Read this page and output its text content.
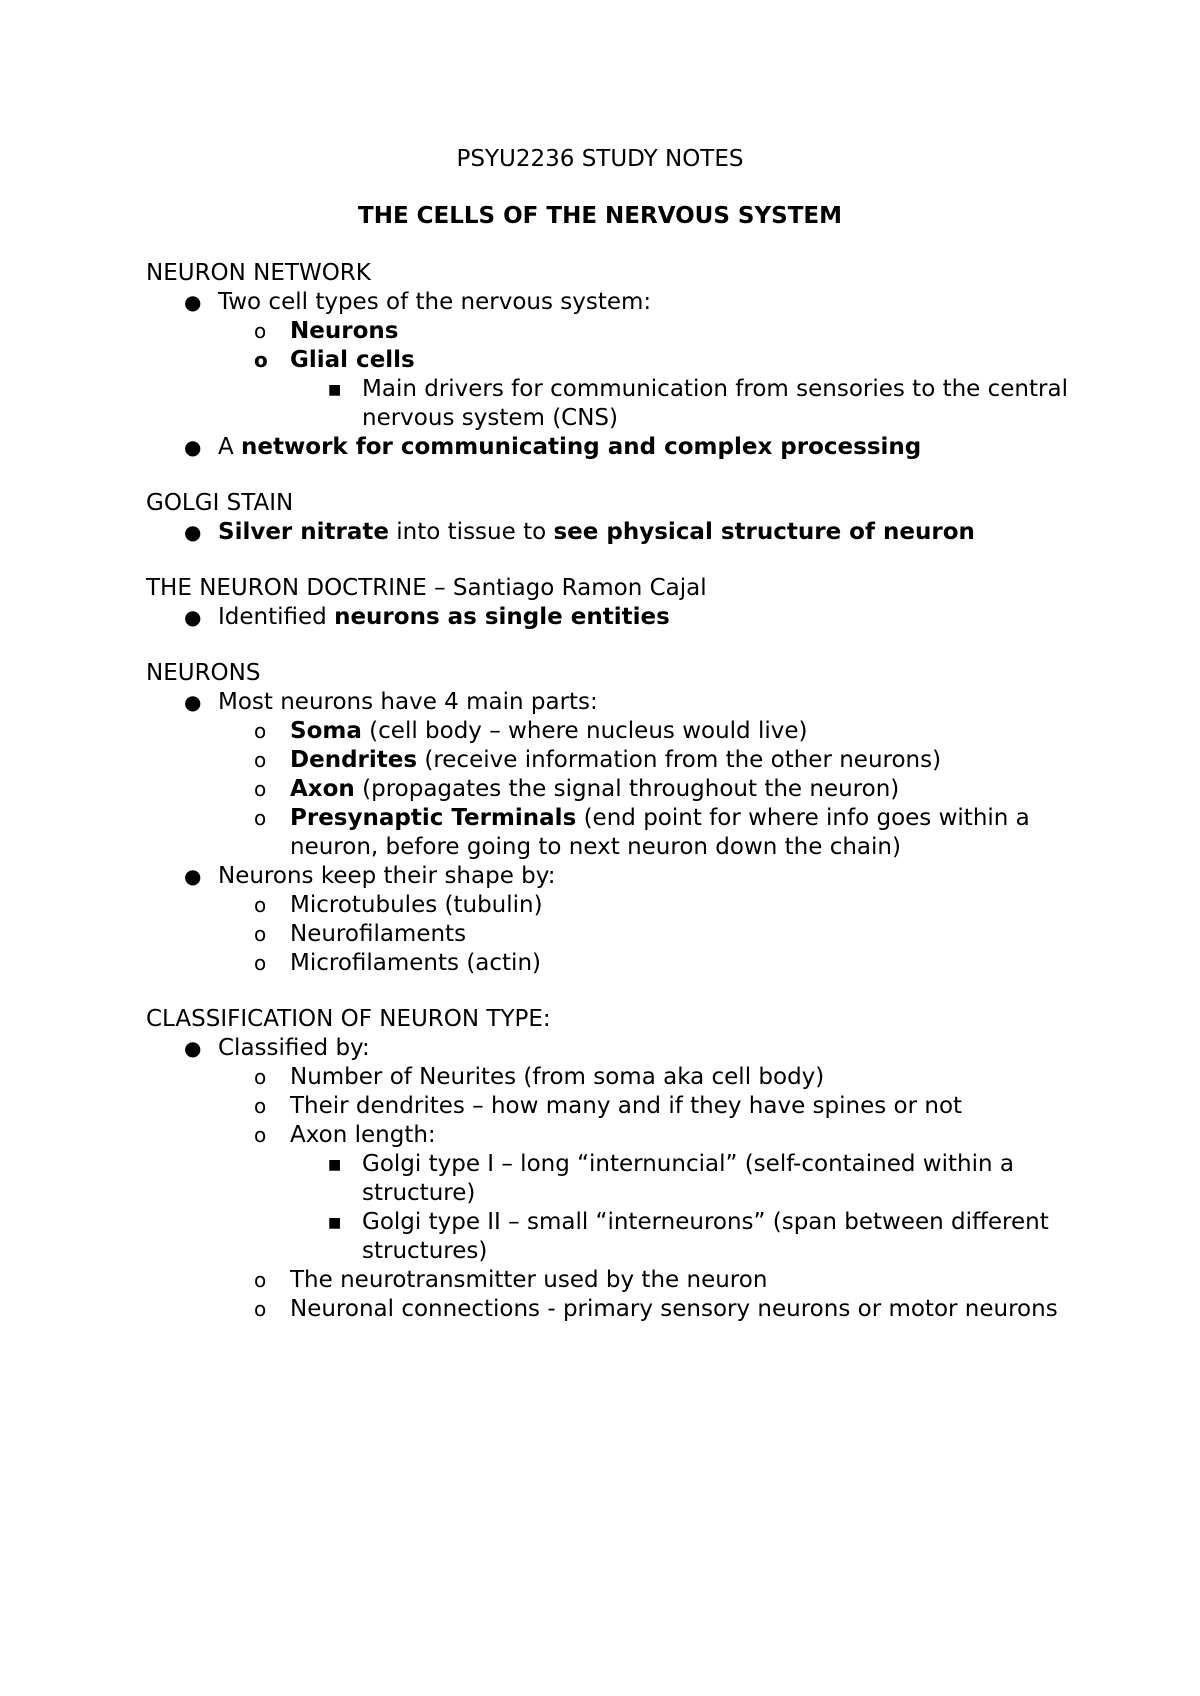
PSYU2236 STUDY NOTES
THE CELLS OF THE NERVOUS SYSTEM
NEURON NETWORK
● Two cell types of the nervous system:
o Neurons
o Glial cells
■ Main drivers for communication from sensories to the central nervous system (CNS)
● A network for communicating and complex processing
GOLGI STAIN
● Silver nitrate into tissue to see physical structure of neuron
THE NEURON DOCTRINE – Santiago Ramon Cajal
● Identified neurons as single entities
NEURONS
● Most neurons have 4 main parts:
o Soma (cell body – where nucleus would live)
o Dendrites (receive information from the other neurons)
o Axon (propagates the signal throughout the neuron)
o Presynaptic Terminals (end point for where info goes within a neuron, before going to next neuron down the chain)
● Neurons keep their shape by:
o Microtubules (tubulin)
o Neurofilaments
o Microfilaments (actin)
CLASSIFICATION OF NEURON TYPE:
● Classified by:
o Number of Neurites (from soma aka cell body)
o Their dendrites – how many and if they have spines or not
o Axon length:
■ Golgi type I – long “internuncial” (self-contained within a structure)
■ Golgi type II – small “interneurons” (span between different structures)
o The neurotransmitter used by the neuron
o Neuronal connections - primary sensory neurons or motor neurons
